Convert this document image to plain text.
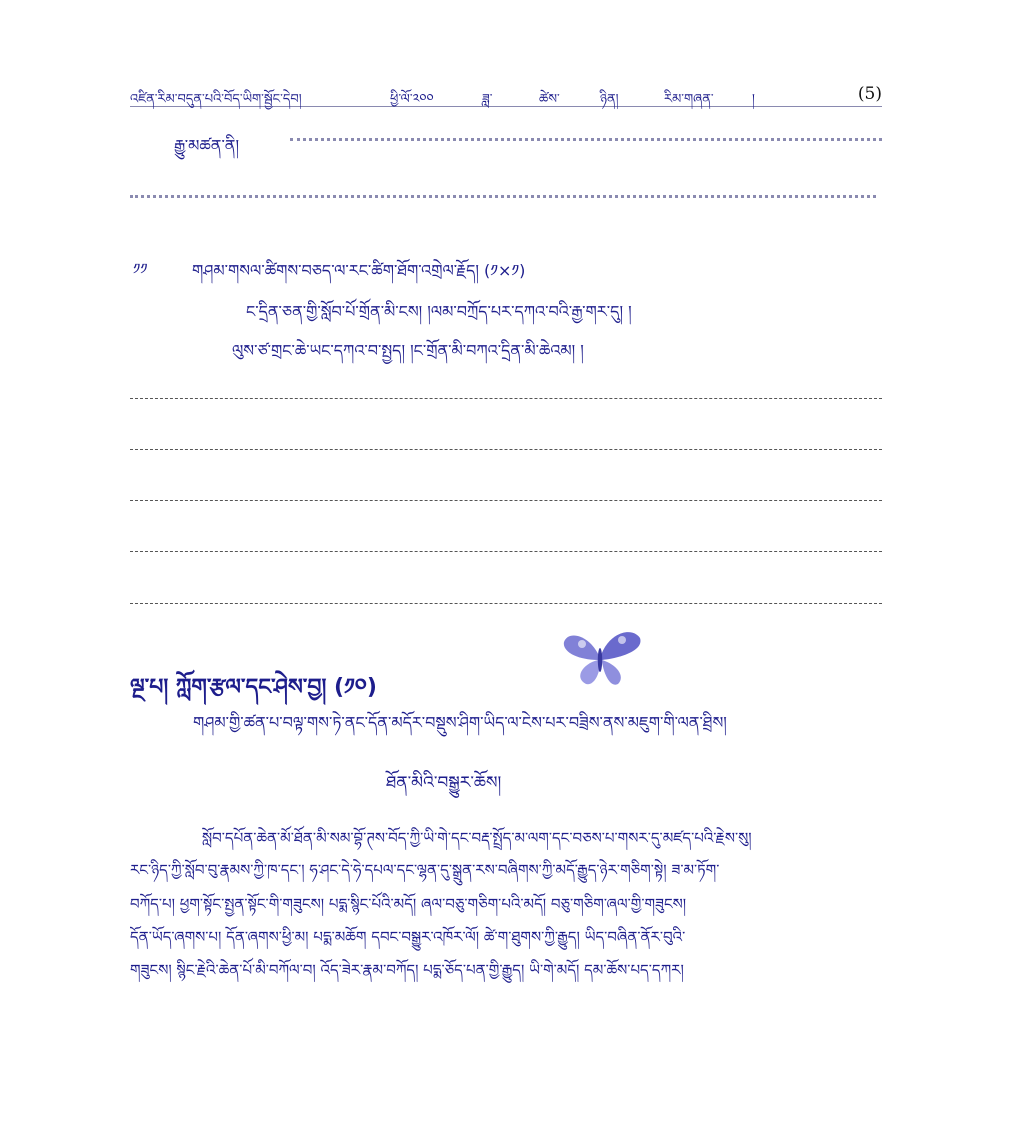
འཛིན་རིམ་བདུན་པའི་བོད་ཡིག་སྦྱོང་དེབ།	ཕྱི་ལོ་༢༠༠	ཟླ་	ཚེས་	ཉིན།	རིམ་གཞན་	།	(5)
རྒྱུ་མཚན་ནི།
༡༡	གཤམ་གསལ་ཚིགས་བཅད་ལ་རང་ཚིག་ཐོག་འགྲེལ་རྗོད། (༡×༡)
ང་དྲིན་ཅན་གྱི་སློབ་པོ་གྲོན་མི་ངས། །ལམ་བཀྲོད་པར་དཀའ་བའི་རྒྱ་གར་དུ། །
ལུས་ཙ་གྲང་ཆེ་ཡང་དཀའ་བ་སྤྱད། །ང་གྲོན་མི་བཀའ་དྲིན་མི་ཆེའམ། །
ལྔ་པ། ཀློག་རྩལ་དང་ཤེས་བྱ། (༡༠)
གཤམ་གྱི་ཚན་པ་བལྟ་གས་ཏེ་ནང་དོན་མདོར་བསྡུས་ཤིག་ཡིད་ལ་ངེས་པར་བཟྲིས་ནས་མཇུག་གི་ལན་ཐྲིས།
ཐོན་མིའི་བསྒྱུར་ཆོས།
སློབ་དཔོན་ཆེན་མོ་ཐོན་མི་སམ་བྷོ་ཊས་བོད་ཀྱི་ཡི་གེ་དང་བརྡ་སྤྲོད་མ་ལག་དང་བཅས་པ་གསར་དུ་མཛད་པའི་རྗེས་སུ།
རང་ཉིད་ཀྱི་སློབ་བུ་རྣམས་ཀྱི་ཁ་དང་། ཧ་ཤང་དེ་ཧེ་དཔལ་དང་ལྷན་དུ་སྒྲུན་རས་བཞིགས་ཀྱི་མདོ་རྒྱུད་ཉེར་གཅིག་སྟེ། ཟ་མ་ཏོག་
བཀོད་པ། ཕྱག་སྟོང་སྤྱན་སྟོང་གི་གཟུངས། པདྨ་སྙིང་པོའི་མདོ། ཞལ་བཅུ་གཅིག་པའི་མདོ། བཅུ་གཅིག་ཞལ་གྱི་གཟུངས།
དོན་ཡོད་ཞགས་པ། དོན་ཞགས་ཕྱི་མ། པདྨ་མཆོག དབང་བསྒྱུར་འཁོར་ལོ། ཚེ་ག་ཐུགས་ཀྱི་རྒྱུད། ཡིད་བཞིན་ནོར་བུའི་
གཟུངས། སྙིང་རྗེའི་ཆེན་པོ་མི་བཀོལ་བ། འོད་ཟེར་རྣམ་བཀོད། པདྨ་ཅོད་པན་གྱི་རྒྱུད། ཡི་གེ་མདོ། དམ་ཆོས་པད་དཀར།
